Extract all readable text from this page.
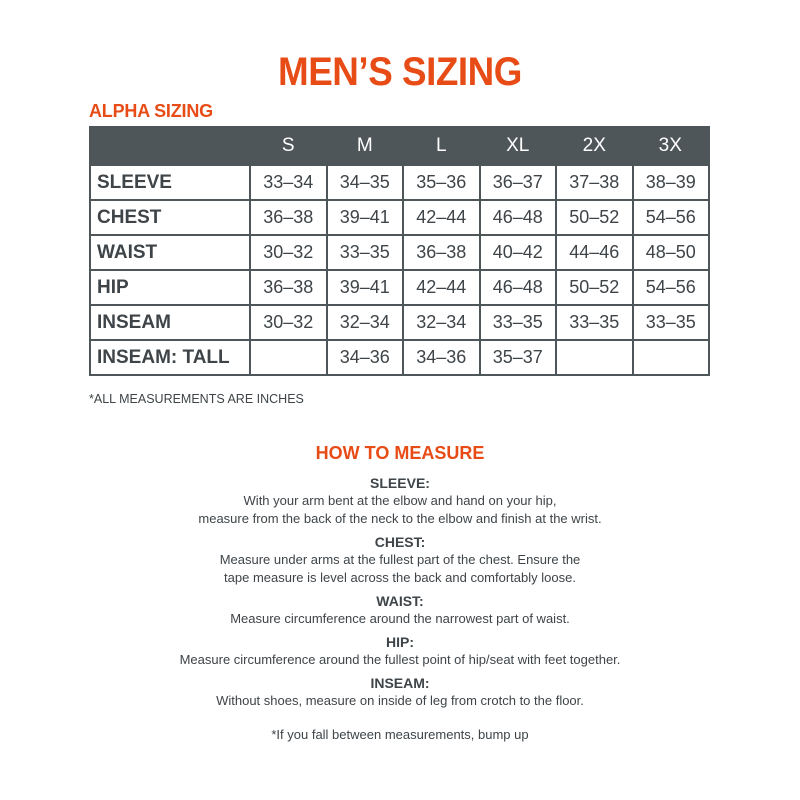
MEN’S SIZING
ALPHA SIZING
	S	M	L	XL	2X	3X
SLEEVE	33–34	34–35	35–36	36–37	37–38	38–39
CHEST	36–38	39–41	42–44	46–48	50–52	54–56
WAIST	30–32	33–35	36–38	40–42	44–46	48–50
HIP	36–38	39–41	42–44	46–48	50–52	54–56
INSEAM	30–32	32–34	32–34	33–35	33–35	33–35
INSEAM: TALL		34–36	34–36	35–37		
*ALL MEASUREMENTS ARE INCHES
HOW TO MEASURE
SLEEVE:
With your arm bent at the elbow and hand on your hip,
measure from the back of the neck to the elbow and finish at the wrist.
CHEST:
Measure under arms at the fullest part of the chest. Ensure the
tape measure is level across the back and comfortably loose.
WAIST:
Measure circumference around the narrowest part of waist.
HIP:
Measure circumference around the fullest point of hip/seat with feet together.
INSEAM:
Without shoes, measure on inside of leg from crotch to the floor.
*If you fall between measurements, bump up
